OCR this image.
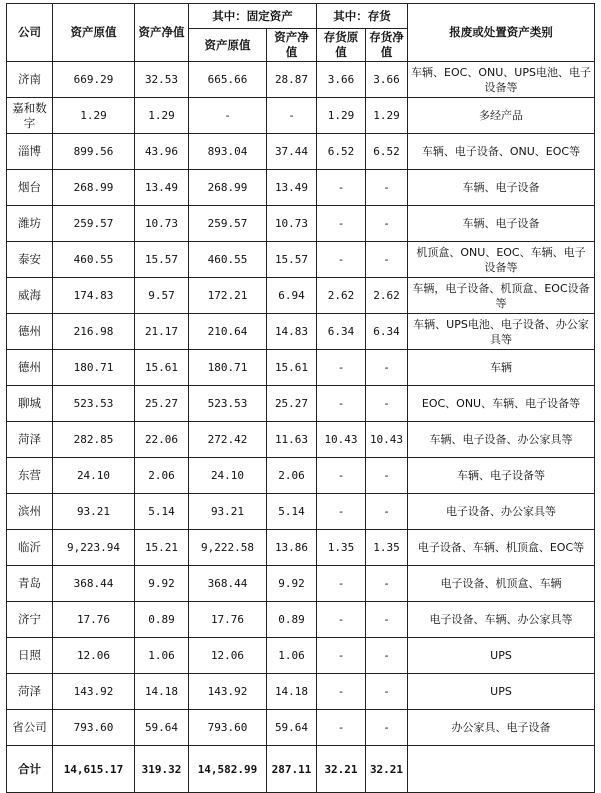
公司	资产原值	资产净值	其中：固定资产		其中：存货		报废或处置资产类别
			资产原值	资产净值	存货原值	存货净值	
济南	669.29	32.53	665.66	28.87	3.66	3.66	车辆、EOC、ONU、UPS电池、电子设备等
嘉和数字	1.29	1.29	-	-	1.29	1.29	多经产品
淄博	899.56	43.96	893.04	37.44	6.52	6.52	车辆、电子设备、ONU、EOC等
烟台	268.99	13.49	268.99	13.49	-	-	车辆、电子设备
潍坊	259.57	10.73	259.57	10.73	-	-	车辆、电子设备
泰安	460.55	15.57	460.55	15.57	-	-	机顶盒、ONU、EOC、车辆、电子设备等
威海	174.83	9.57	172.21	6.94	2.62	2.62	车辆，电子设备、机顶盒、EOC设备等
德州	216.98	21.17	210.64	14.83	6.34	6.34	车辆、UPS电池、电子设备、办公家具等
德州	180.71	15.61	180.71	15.61	-	-	车辆
聊城	523.53	25.27	523.53	25.27	-	-	EOC、ONU、车辆、电子设备等
菏泽	282.85	22.06	272.42	11.63	10.43	10.43	车辆、电子设备、办公家具等
东营	24.10	2.06	24.10	2.06	-	-	车辆、电子设备等
滨州	93.21	5.14	93.21	5.14	-	-	电子设备、办公家具等
临沂	9,223.94	15.21	9,222.58	13.86	1.35	1.35	电子设备、车辆、机顶盒、EOC等
青岛	368.44	9.92	368.44	9.92	-	-	电子设备、机顶盒、车辆
济宁	17.76	0.89	17.76	0.89	-	-	电子设备、车辆、办公家具等
日照	12.06	1.06	12.06	1.06	-	-	UPS
菏泽	143.92	14.18	143.92	14.18	-	-	UPS
省公司	793.60	59.64	793.60	59.64	-	-	办公家具、电子设备
合计	14,615.17	319.32	14,582.99	287.11	32.21	32.21	
